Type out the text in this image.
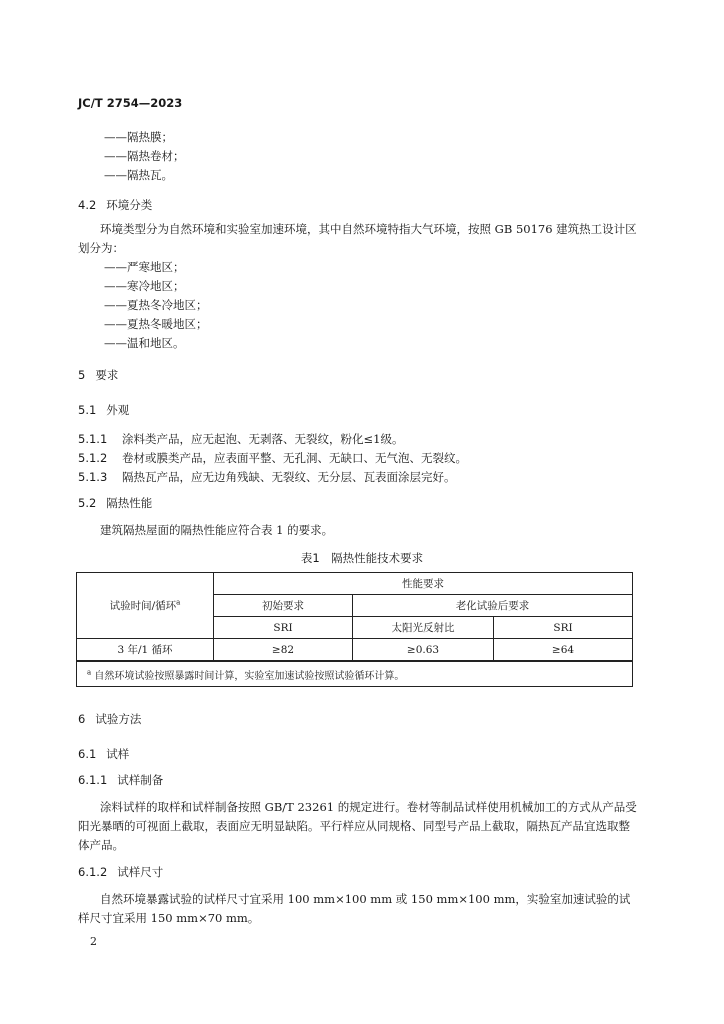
JC/T 2754—2023
——隔热膜；
——隔热卷材；
——隔热瓦。
4.2 环境分类
环境类型分为自然环境和实验室加速环境，其中自然环境特指大气环境，按照 GB 50176 建筑热工设计区划分为：
——严寒地区；
——寒冷地区；
——夏热冬冷地区；
——夏热冬暖地区；
——温和地区。
5 要求
5.1 外观
5.1.1 涂料类产品，应无起泡、无剥落、无裂纹，粉化≤1级。
5.1.2 卷材或膜类产品，应表面平整、无孔洞、无缺口、无气泡、无裂纹。
5.1.3 隔热瓦产品，应无边角残缺、无裂纹、无分层、瓦表面涂层完好。
5.2 隔热性能
建筑隔热屋面的隔热性能应符合表 1 的要求。
表1　隔热性能技术要求
试验时间/循环$^a$	性能要求		
	初始要求	老化试验后要求	
	SRI	太阳光反射比	SRI
3 年/1 循环	≥82	≥0.63	≥64
$^a$ 自然环境试验按照暴露时间计算，实验室加速试验按照试验循环计算。			
6 试验方法
6.1 试样
6.1.1 试样制备
涂料试样的取样和试样制备按照 GB/T 23261 的规定进行。卷材等制品试样使用机械加工的方式从产品受阳光暴晒的可视面上截取，表面应无明显缺陷。平行样应从同规格、同型号产品上截取，隔热瓦产品宜选取整体产品。
6.1.2 试样尺寸
自然环境暴露试验的试样尺寸宜采用 100 mm×100 mm 或 150 mm×100 mm，实验室加速试验的试样尺寸宜采用 150 mm×70 mm。
2
